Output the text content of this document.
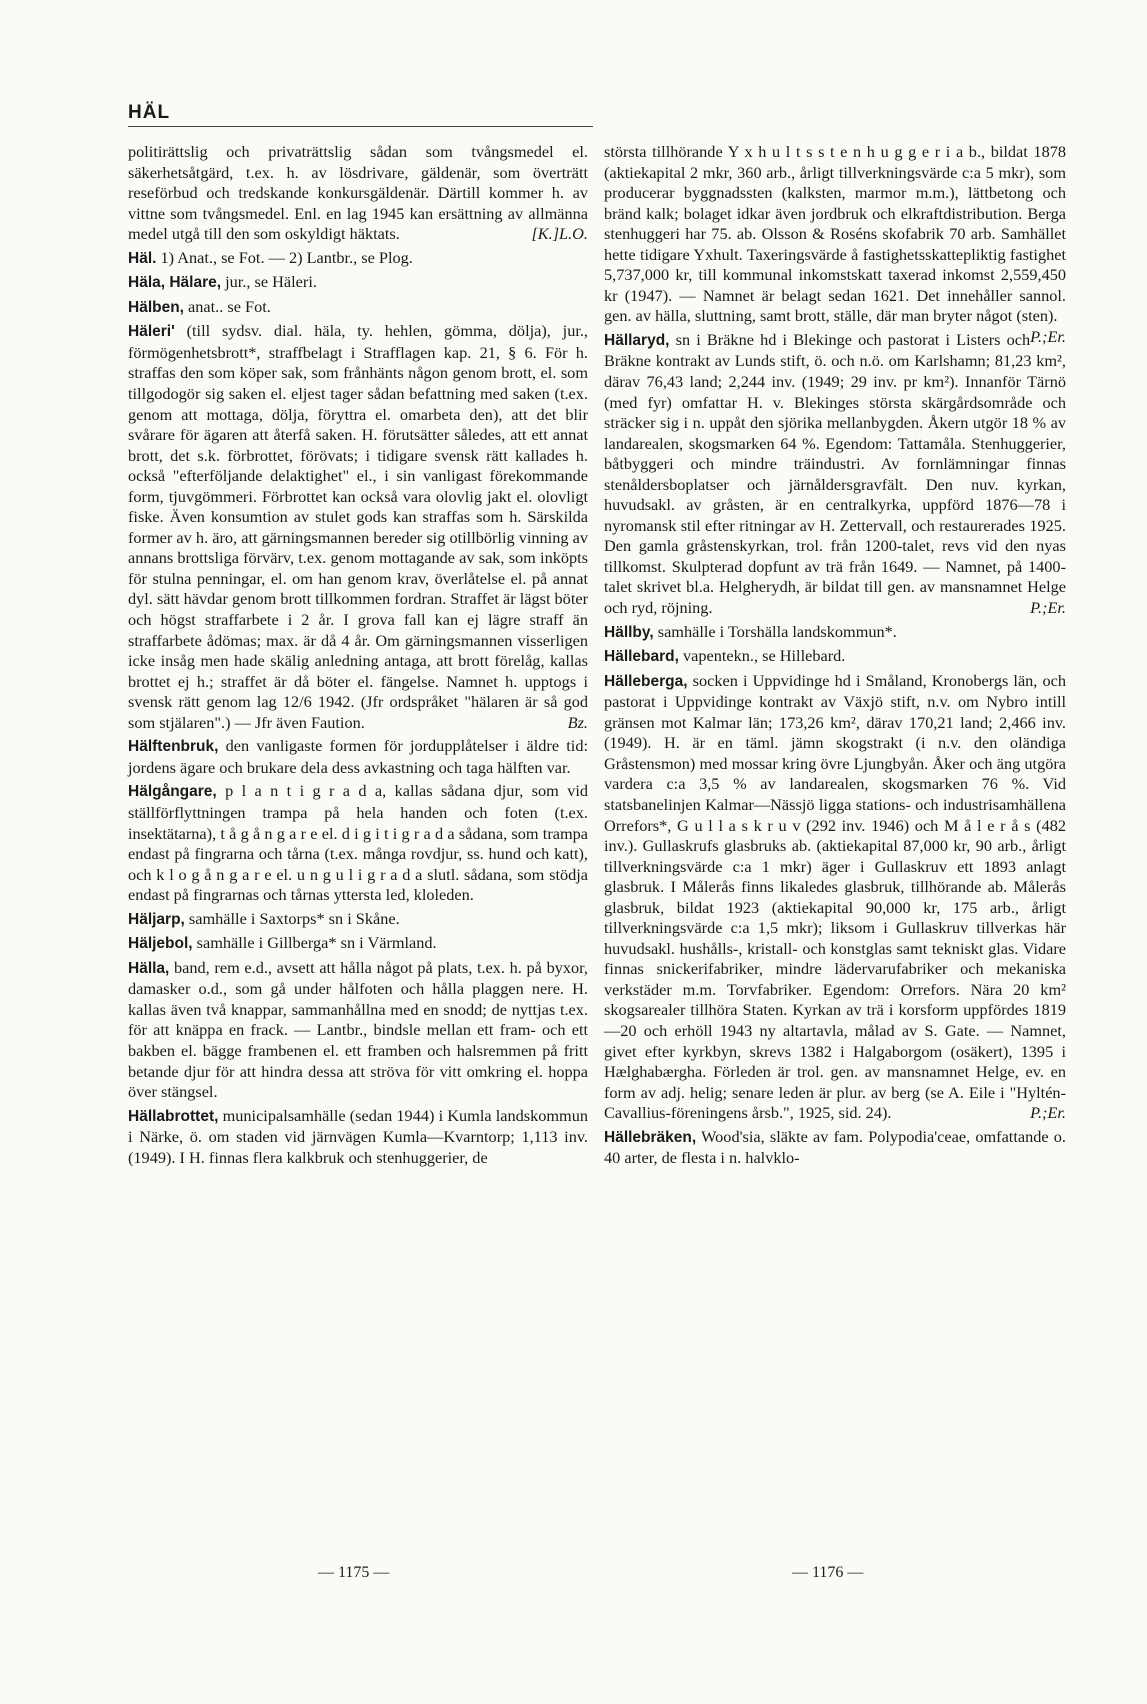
HÄL

politirättslig och privaträttslig sådan som tvångsmedel el. säkerhetsåtgärd, t.ex. h. av lösdrivare, gäldenär, som överträtt reseförbud och tredskande konkursgäldenär. Därtill kommer h. av vittne som tvångsmedel. Enl. en lag 1945 kan ersättning av allmänna medel utgå till den som oskyldigt häktats.	[K.]L.O.

Häl. 1) Anat., se Fot. — 2) Lantbr., se Plog.

Häla, Hälare, jur., se Häleri.

Hälben, anat.. se Fot.

Häleri' (till sydsv. dial. häla, ty. hehlen, gömma, dölja), jur., förmögenhetsbrott*, straffbelagt i Strafflagen kap. 21, § 6. För h. straffas den som köper sak, som frånhänts någon genom brott, el. som tillgodogör sig saken el. eljest tager sådan befattning med saken (t.ex. genom att mottaga, dölja, föryttra el. omarbeta den), att det blir svårare för ägaren att återfå saken. H. förutsätter således, att ett annat brott, det s.k. förbrottet, förövats; i tidigare svensk rätt kallades h. också "efterföljande delaktighet" el., i sin vanligast förekommande form, tjuvgömmeri. Förbrottet kan också vara olovlig jakt el. olovligt fiske. Även konsumtion av stulet gods kan straffas som h. Särskilda former av h. äro, att gärningsmannen bereder sig otillbörlig vinning av annans brottsliga förvärv, t.ex. genom mottagande av sak, som inköpts för stulna penningar, el. om han genom krav, överlåtelse el. på annat dyl. sätt hävdar genom brott tillkommen fordran. Straffet är lägst böter och högst straffarbete i 2 år. I grova fall kan ej lägre straff än straffarbete ådömas; max. är då 4 år. Om gärningsmannen visserligen icke insåg men hade skälig anledning antaga, att brott förelåg, kallas brottet ej h.; straffet är då böter el. fängelse. Namnet h. upptogs i svensk rätt genom lag 12/6 1942. (Jfr ordspråket "hälaren är så god som stjälaren".) — Jfr även Faution.	Bz.

Hälftenbruk, den vanligaste formen för jordupplåtelser i äldre tid: jordens ägare och brukare dela dess avkastning och taga hälften var.

Hälgångare, p l a n t i g r a d a, kallas sådana djur, som vid ställförflyttningen trampa på hela handen och foten (t.ex. insektätarna), t å g å n g a r e el. d i g i t i g r a d a sådana, som trampa endast på fingrarna och tårna (t.ex. många rovdjur, ss. hund och katt), och k l o g å n g a r e el. u n g u l i g r a d a slutl. sådana, som stödja endast på fingrarnas och tårnas yttersta led, kloleden.

Häljarp, samhälle i Saxtorps* sn i Skåne.

Häljebol, samhälle i Gillberga* sn i Värmland.

Hälla, band, rem e.d., avsett att hålla något på plats, t.ex. h. på byxor, damasker o.d., som gå under hålfoten och hålla plaggen nere. H. kallas även två knappar, sammanhållna med en snodd; de nyttjas t.ex. för att knäppa en frack. — Lantbr., bindsle mellan ett fram- och ett bakben el. bägge frambenen el. ett framben och halsremmen på fritt betande djur för att hindra dessa att ströva för vitt omkring el. hoppa över stängsel.

Hällabrottet, municipalsamhälle (sedan 1944) i Kumla landskommun i Närke, ö. om staden vid järnvägen Kumla—Kvarntorp; 1,113 inv. (1949). I H. finnas flera kalkbruk och stenhuggerier, de

största tillhörande Y x h u l t s s t e n h u g g e r i a b., bildat 1878 (aktiekapital 2 mkr, 360 arb., årligt tillverkningsvärde c:a 5 mkr), som producerar byggnadssten (kalksten, marmor m.m.), lättbetong och bränd kalk; bolaget idkar även jordbruk och elkraftdistribution. Berga stenhuggeri har 75. ab. Olsson & Roséns skofabrik 70 arb. Samhället hette tidigare Yxhult. Taxeringsvärde å fastighetsskattepliktig fastighet 5,737,000 kr, till kommunal inkomstskatt taxerad inkomst 2,559,450 kr (1947). — Namnet är belagt sedan 1621. Det innehåller sannol. gen. av hälla, sluttning, samt brott, ställe, där man bryter något (sten).
P.;Er.

Hällaryd, sn i Bräkne hd i Blekinge och pastorat i Listers och Bräkne kontrakt av Lunds stift, ö. och n.ö. om Karlshamn; 81,23 km², därav 76,43 land; 2,244 inv. (1949; 29 inv. pr km²). Innanför Tärnö (med fyr) omfattar H. v. Blekinges största skärgårdsområde och sträcker sig i n. uppåt den sjörika mellanbygden. Åkern utgör 18 % av landarealen, skogsmarken 64 %. Egendom: Tattamåla. Stenhuggerier, båtbyggeri och mindre träindustri. Av fornlämningar finnas stenåldersboplatser och järnåldersgravfält. Den nuv. kyrkan, huvudsakl. av gråsten, är en centralkyrka, uppförd 1876—78 i nyromansk stil efter ritningar av H. Zettervall, och restaurerades 1925. Den gamla gråstenskyrkan, trol. från 1200-talet, revs vid den nyas tillkomst. Skulpterad dopfunt av trä från 1649. — Namnet, på 1400-talet skrivet bl.a. Helgherydh, är bildat till gen. av mansnamnet Helge och ryd, röjning.	P.;Er.

Hällby, samhälle i Torshälla landskommun*.

Hällebard, vapentekn., se Hillebard.

Hälleberga, socken i Uppvidinge hd i Småland, Kronobergs län, och pastorat i Uppvidinge kontrakt av Växjö stift, n.v. om Nybro intill gränsen mot Kalmar län; 173,26 km², därav 170,21 land; 2,466 inv. (1949). H. är en täml. jämn skogstrakt (i n.v. den oländiga Gråstensmon) med mossar kring övre Ljungbyån. Åker och äng utgöra vardera c:a 3,5 % av landarealen, skogsmarken 76 %. Vid statsbanelinjen Kalmar—Nässjö ligga stations- och industrisamhällena Orrefors*, G u l l a s k r u v (292 inv. 1946) och M å l e r å s (482 inv.). Gullaskrufs glasbruks ab. (aktiekapital 87,000 kr, 90 arb., årligt tillverkningsvärde c:a 1 mkr) äger i Gullaskruv ett 1893 anlagt glasbruk. I Målerås finns likaledes glasbruk, tillhörande ab. Målerås glasbruk, bildat 1923 (aktiekapital 90,000 kr, 175 arb., årligt tillverkningsvärde c:a 1,5 mkr); liksom i Gullaskruv tillverkas här huvudsakl. hushålls-, kristall- och konstglas samt tekniskt glas. Vidare finnas snickerifabriker, mindre lädervarufabriker och mekaniska verkstäder m.m. Torvfabriker. Egendom: Orrefors. Nära 20 km² skogsarealer tillhöra Staten. Kyrkan av trä i korsform uppfördes 1819—20 och erhöll 1943 ny altartavla, målad av S. Gate. — Namnet, givet efter kyrkbyn, skrevs 1382 i Halgaborgom (osäkert), 1395 i Hælghabærgha. Förleden är trol. gen. av mansnamnet Helge, ev. en form av adj. helig; senare leden är plur. av berg (se A. Eile i "Hyltén-Cavallius-föreningens årsb.", 1925, sid. 24).	P.;Er.

Hällebräken, Wood'sia, släkte av fam. Polypodia'ceae, omfattande o. 40 arter, de flesta i n. halvklo-

— 1175 —	— 1176 —
